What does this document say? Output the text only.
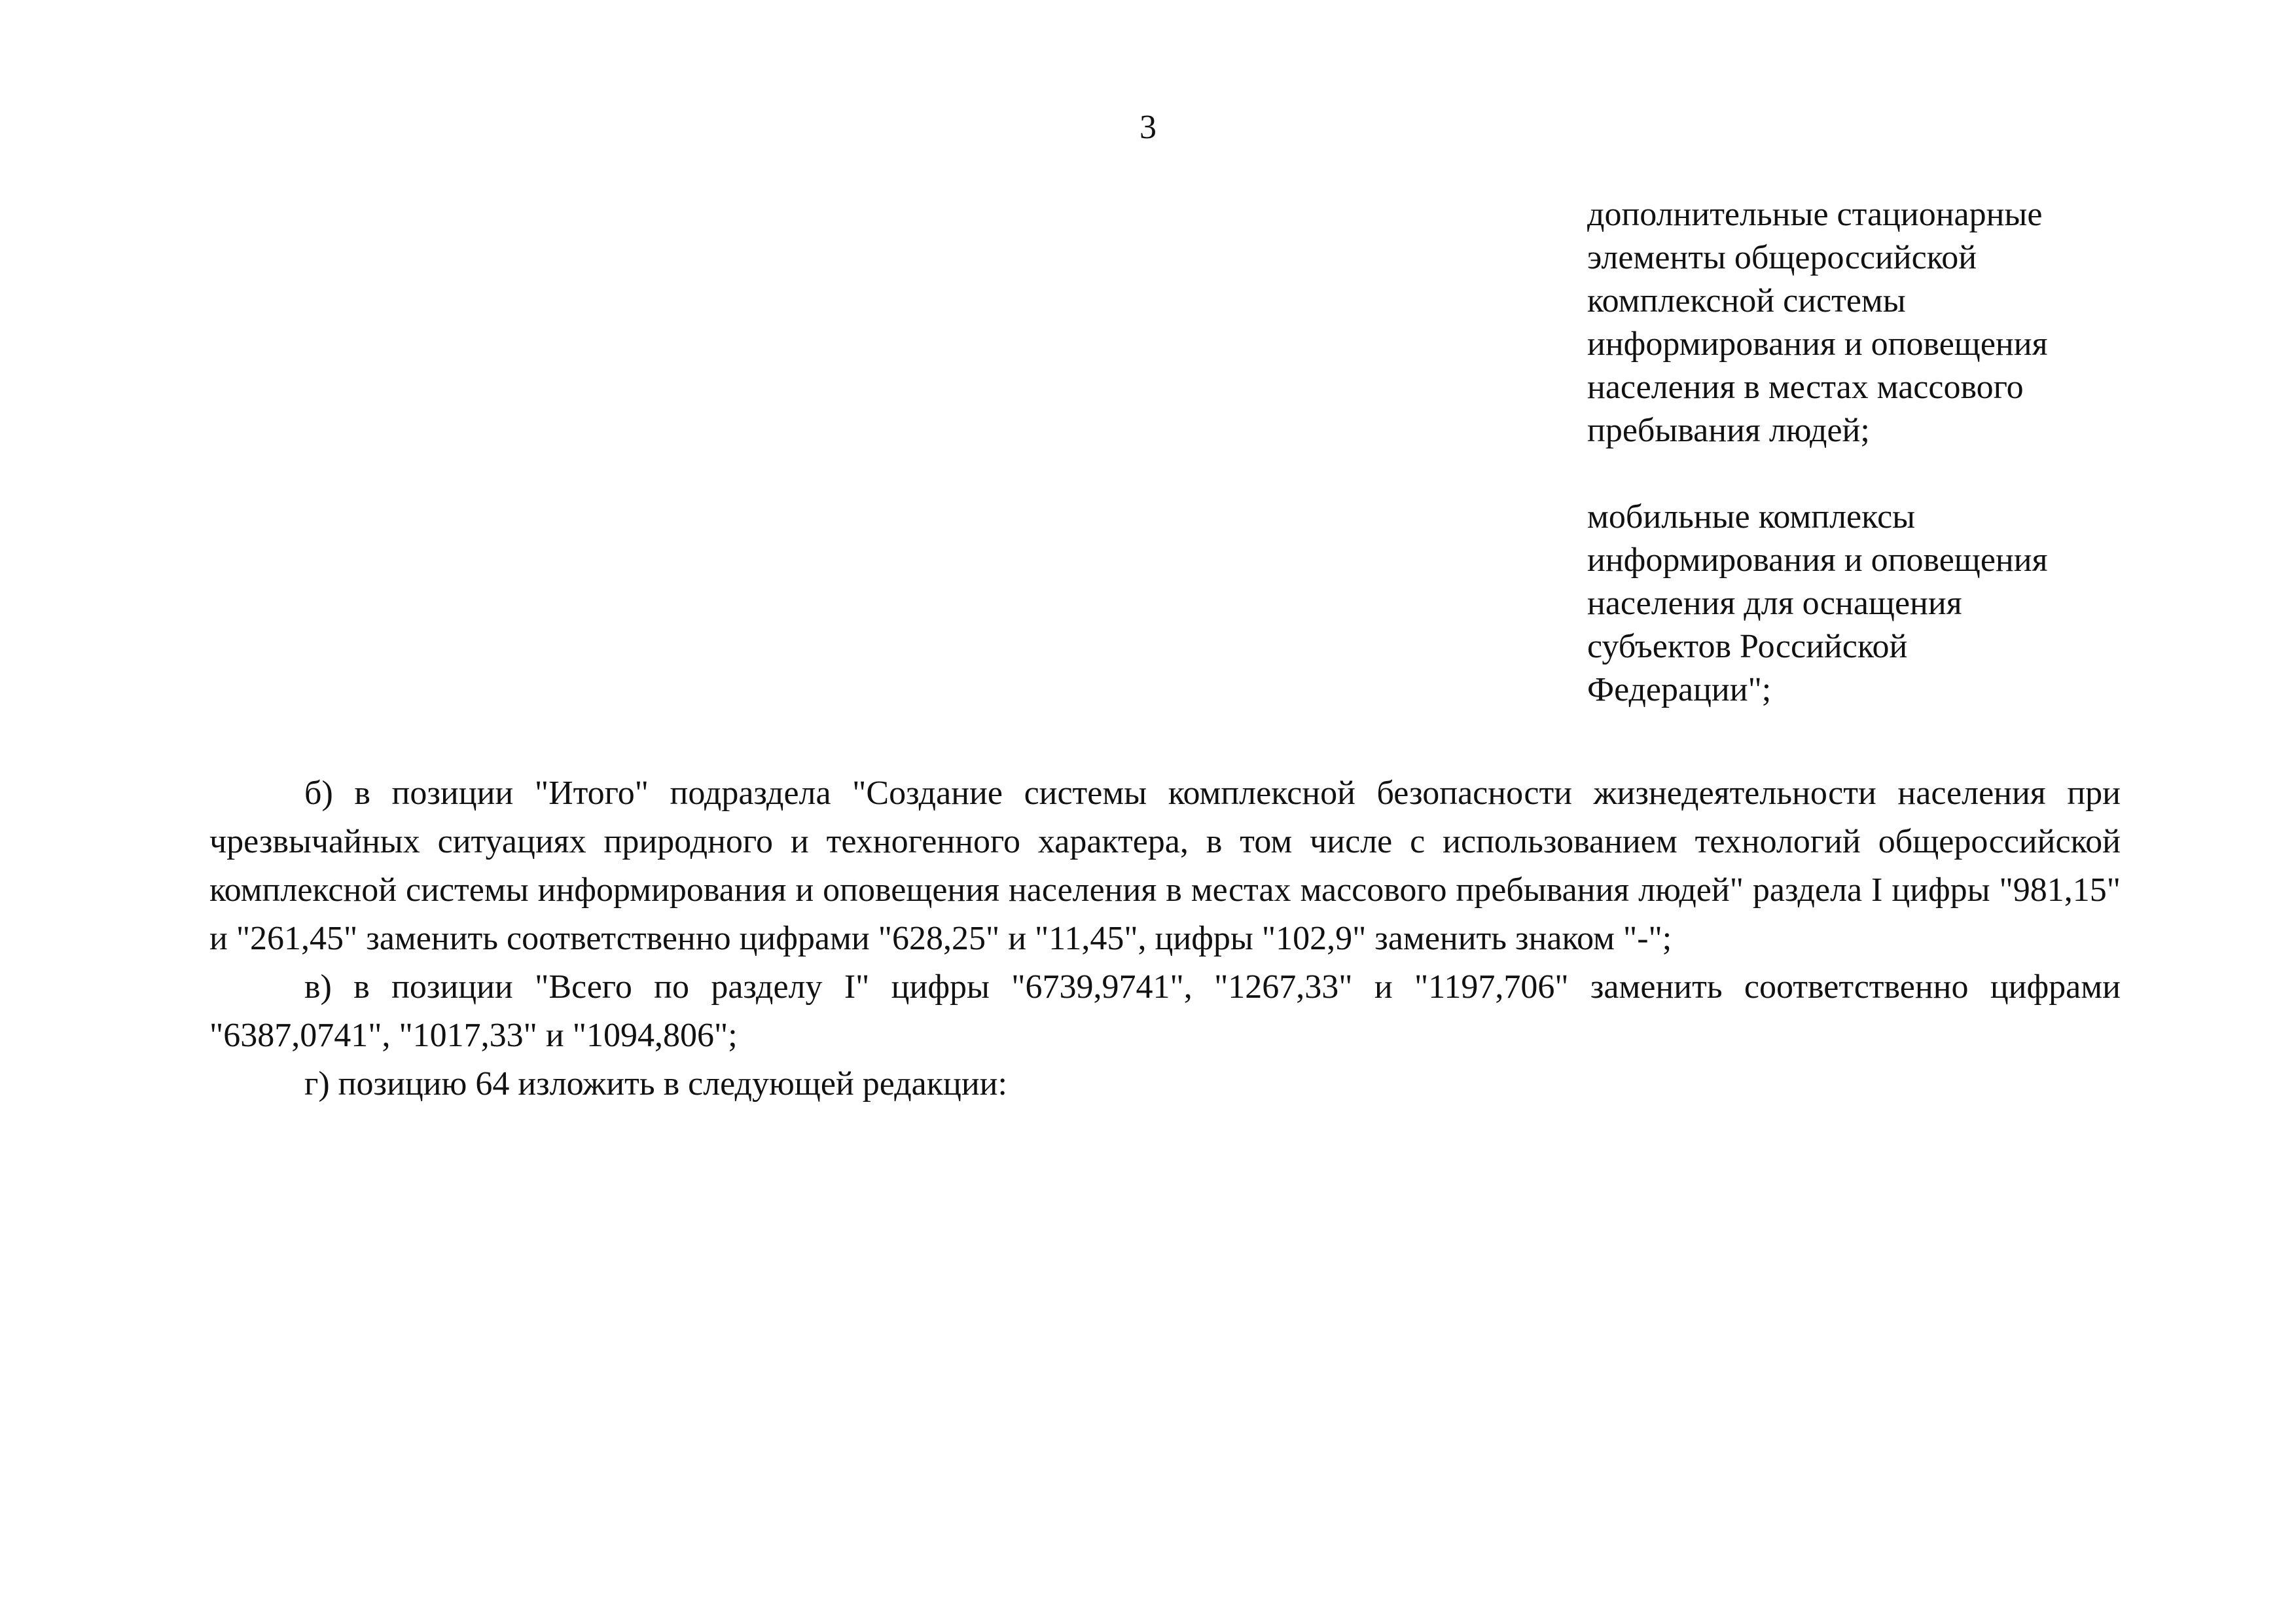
3

дополнительные стационарные
элементы общероссийской
комплексной системы
информирования и оповещения
населения в местах массового
пребывания людей;

мобильные комплексы
информирования и оповещения
населения для оснащения
субъектов Российской
Федерации";

б) в позиции "Итого" подраздела "Создание системы комплексной безопасности жизнедеятельности населения при чрезвычайных ситуациях природного и техногенного характера, в том числе с использованием технологий общероссийской комплексной системы информирования и оповещения населения в местах массового пребывания людей" раздела I цифры "981,15" и "261,45" заменить соответственно цифрами "628,25" и "11,45", цифры "102,9" заменить знаком "-";

в) в позиции "Всего по разделу I" цифры "6739,9741", "1267,33" и "1197,706" заменить соответственно цифрами "6387,0741", "1017,33" и "1094,806";

г) позицию 64 изложить в следующей редакции:
